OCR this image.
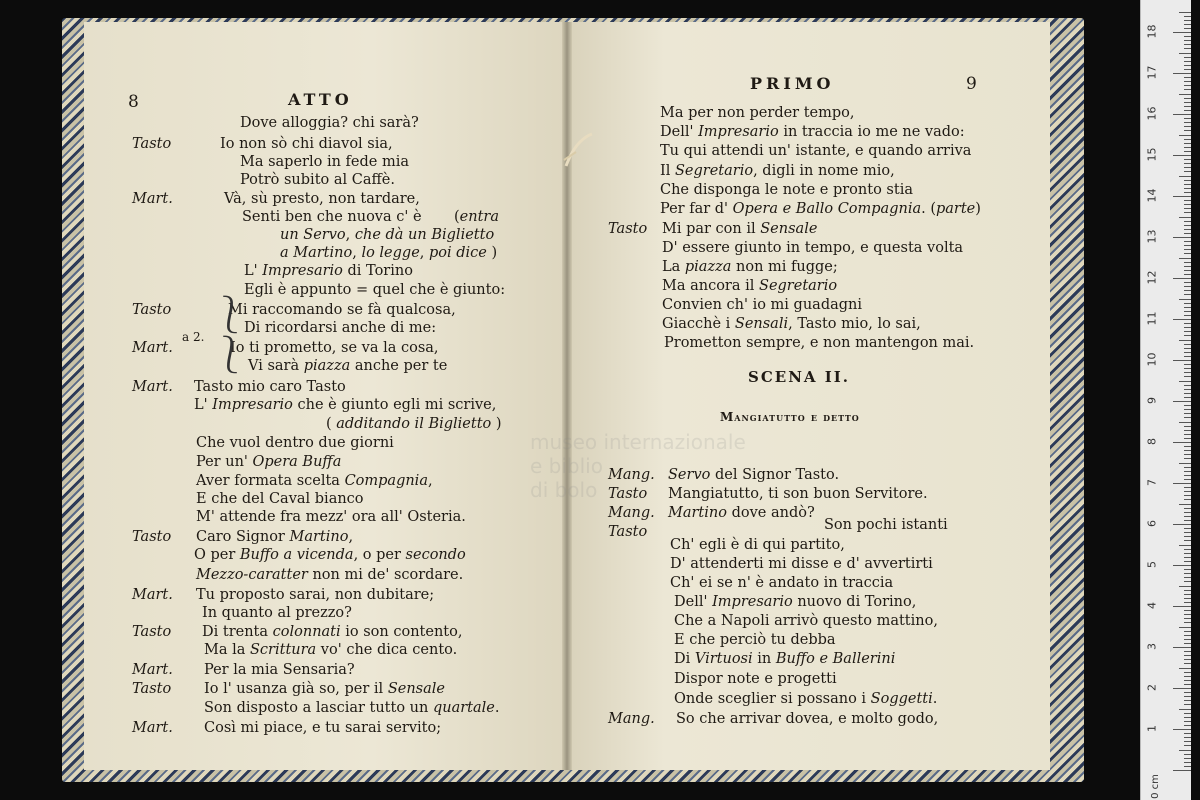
8	ATTO
Dove alloggia? chi sarà?
Tasto	Io non sò chi diavol sia,
Ma saperlo in fede mia
Potrò subito al Caffè.
Mart.	Và, sù presto, non tardare,
Senti ben che nuova c' è (entra
un Servo, che dà un Biglietto
a Martino, lo legge, poi dice )
L' Impresario di Torino
Egli è appunto = quel che è giunto:
Tasto	Mi raccomando se fà qualcosa,
Di ricordarsi anche di me:
Mart.	Io ti prometto, se va la cosa,
Vi sarà piazza anche per te
Mart. Tasto mio caro Tasto
L' Impresario che è giunto egli mi scrive,
( additando il Biglietto )
Che vuol dentro due giorni
Per un' Opera Buffa
Aver formata scelta Compagnia,
E che del Caval bianco
M' attende fra mezz' ora all' Osteria.
Tasto Caro Signor Martino,
O per Buffo a vicenda, o per secondo
Mezzo-caratter non mi de' scordare.
Mart. Tu proposto sarai, non dubitare;
In quanto al prezzo?
Tasto Di trenta colonnati io son contento,
Ma la Scrittura vo' che dica cento.
Mart. Per la mia Sensaria?
Tasto Io l' usanza già so, per il Sensale
Son disposto a lasciar tutto un quartale.
Mart. Così mi piace, e tu sarai servito;
a 2.
⎱
⎱
PRIMO	9
SCENA II.
Mangiatutto e detto
Ma per non perder tempo,
Dell' Impresario in traccia io me ne vado:
Tu qui attendi un' istante, e quando arriva
Il Segretario, digli in nome mio,
Che disponga le note e pronto stia
Per far d' Opera e Ballo Compagnia. (parte)
Tasto Mi par con il Sensale
D' essere giunto in tempo, e questa volta
La piazza non mi fugge;
Ma ancora il Segretario
Convien ch' io mi guadagni
Giacchè i Sensali, Tasto mio, lo sai,
Prometton sempre, e non mantengon mai.
Mang. Servo del Signor Tasto.
Tasto Mangiatutto, ti son buon Servitore.
Mang. Martino dove andò?
Tasto	Son pochi istanti
Ch' egli è di qui partito,
D' attenderti mi disse e d' avvertirti
Ch' ei se n' è andato in traccia
Dell' Impresario nuovo di Torino,
Che a Napoli arrivò questo mattino,
E che perciò tu debba
Di Virtuosi in Buffo e Ballerini
Dispor note e progetti
Onde sceglier si possano i Soggetti.
Mang. So che arrivar dovea, e molto godo,
museo internazionale
e biblio
di bolo
0 cm
1
2
3
4
5
6
7
8
9
10
11
12
13
14
15
16
17
18
